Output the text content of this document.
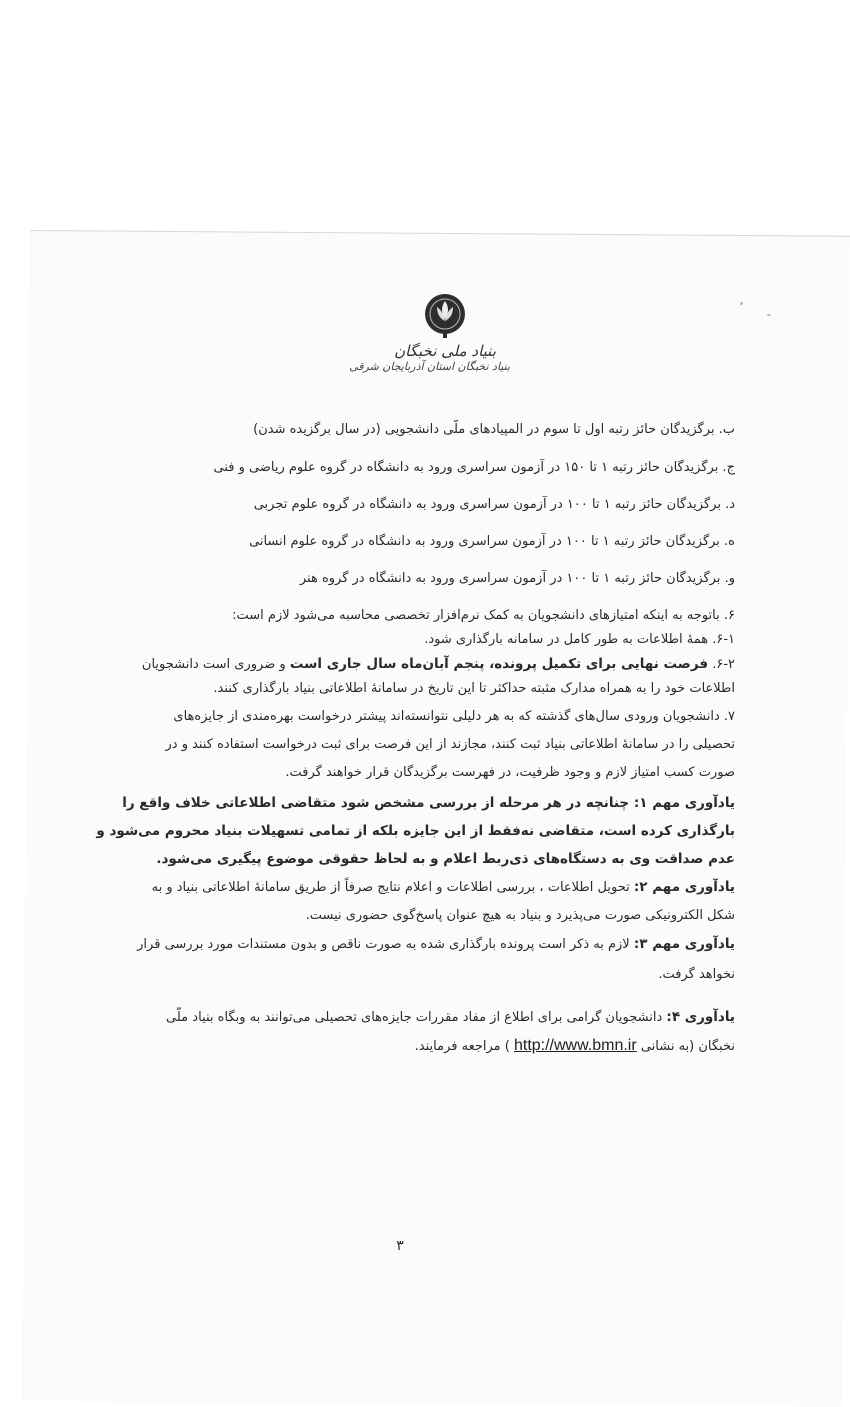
بنیاد ملی نخبگان
بنیاد نخبگان استان آذربایجان شرقی
ب. برگزیدگان حائز رتبه اول تا سوم در المپیادهای ملّی دانشجویی (در سال برگزیده شدن)
ج. برگزیدگان حائز رتبه ۱ تا ۱۵۰ در آزمون سراسری ورود به دانشگاه در گروه علوم ریاضی و فنی
د. برگزیدگان حائز رتبه ۱ تا ۱۰۰ در آزمون سراسری ورود به دانشگاه در گروه علوم تجربی
ه. برگزیدگان حائز رتبه ۱ تا ۱۰۰ در آزمون سراسری ورود به دانشگاه در گروه علوم انسانی
و. برگزیدگان حائز رتبه ۱ تا ۱۰۰ در آزمون سراسری ورود به دانشگاه در گروه هنر
۶. باتوجه به اینکه امتیازهای دانشجویان به کمک نرم‌افزار تخصصی محاسبه می‌شود لازم است:
۶-۱. همهٔ اطلاعات به طور کامل در سامانه بارگذاری شود.
۶-۲. فرصت نهایی برای تکمیل پرونده، پنجم آبان‌ماه سال جاری است و ضروری است دانشجویان
اطلاعات خود را به همراه مدارک مثبته حداکثر تا این تاریخ در سامانهٔ اطلاعاتی بنیاد بارگذاری کنند.
۷. دانشجویان ورودی سال‌های گذشته که به هر دلیلی نتوانسته‌اند پیشتر درخواست بهره‌مندی از جایزه‌های
تحصیلی را در سامانهٔ اطلاعاتی بنیاد ثبت کنند، مجازند از این فرصت برای ثبت درخواست استفاده کنند و در
صورت کسب امتیاز لازم و وجود ظرفیت، در فهرست برگزیدگان قرار خواهند گرفت.
یادآوری مهم ۱: چنانچه در هر مرحله از بررسی مشخص شود متقاضی اطلاعاتی خلاف واقع را
بارگذاری کرده است، متقاضی نه‌فقط از این جایزه بلکه از تمامی تسهیلات بنیاد محروم می‌شود و
عدم صداقت وی به دستگاه‌های ذی‌ربط اعلام و به لحاظ حقوقی موضوع پیگیری می‌شود.
یادآوری مهم ۲: تحویل اطلاعات ، بررسی اطلاعات و اعلام نتایج صرفاً از طریق سامانهٔ اطلاعاتی بنیاد و به
شکل الکترونیکی صورت می‌پذیرد و بنیاد به هیچ عنوان پاسخ‌گوی حضوری نیست.
یادآوری مهم ۳: لازم به ذکر است پرونده بارگذاری شده به صورت ناقص و بدون مستندات مورد بررسی قرار
نخواهد گرفت.
یادآوری ۴: دانشجویان گرامی برای اطلاع از مفاد مقررات جایزه‌های تحصیلی می‌توانند به وبگاه بنیاد ملّی
نخبگان (به نشانی http://www.bmn.ir ) مراجعه فرمایند.
۳
